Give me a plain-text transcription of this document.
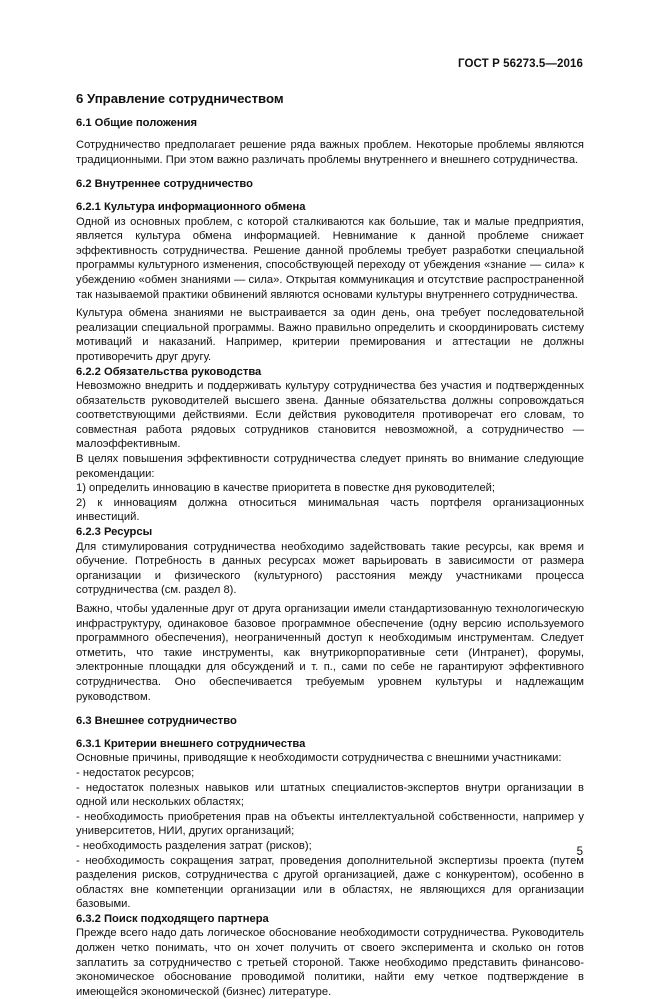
ГОСТ Р 56273.5—2016

6 Управление сотрудничеством

6.1 Общие положения

Сотрудничество предполагает решение ряда важных проблем. Некоторые проблемы являются традиционными. При этом важно различать проблемы внутреннего и внешнего сотрудничества.

6.2 Внутреннее сотрудничество

6.2.1 Культура информационного обмена

Одной из основных проблем, с которой сталкиваются как большие, так и малые предприятия, является культура обмена информацией. Невнимание к данной проблеме снижает эффективность сотрудничества. Решение данной проблемы требует разработки специальной программы культурного изменения, способствующей переходу от убеждения «знание — сила» к убеждению «обмен знаниями — сила». Открытая коммуникация и отсутствие распространенной так называемой практики обвинений являются основами культуры внутреннего сотрудничества.

Культура обмена знаниями не выстраивается за один день, она требует последовательной реализации специальной программы. Важно правильно определить и скоординировать систему мотиваций и наказаний. Например, критерии премирования и аттестации не должны противоречить друг другу.

6.2.2 Обязательства руководства

Невозможно внедрить и поддерживать культуру сотрудничества без участия и подтвержденных обязательств руководителей высшего звена. Данные обязательства должны сопровождаться соответствующими действиями. Если действия руководителя противоречат его словам, то совместная работа рядовых сотрудников становится невозможной, а сотрудничество — малоэффективным.

В целях повышения эффективности сотрудничества следует принять во внимание следующие рекомендации:

1) определить инновацию в качестве приоритета в повестке дня руководителей;

2) к инновациям должна относиться минимальная часть портфеля организационных инвестиций.

6.2.3 Ресурсы

Для стимулирования сотрудничества необходимо задействовать такие ресурсы, как время и обучение. Потребность в данных ресурсах может варьировать в зависимости от размера организации и физического (культурного) расстояния между участниками процесса сотрудничества (см. раздел 8).

Важно, чтобы удаленные друг от друга организации имели стандартизованную технологическую инфраструктуру, одинаковое базовое программное обеспечение (одну версию используемого программного обеспечения), неограниченный доступ к необходимым инструментам. Следует отметить, что такие инструменты, как внутрикорпоративные сети (Интранет), форумы, электронные площадки для обсуждений и т. п., сами по себе не гарантируют эффективного сотрудничества. Оно обеспечивается требуемым уровнем культуры и надлежащим руководством.

6.3 Внешнее сотрудничество

6.3.1 Критерии внешнего сотрудничества

Основные причины, приводящие к необходимости сотрудничества с внешними участниками:

- недостаток ресурсов;

- недостаток полезных навыков или штатных специалистов-экспертов внутри организации в одной или нескольких областях;

- необходимость приобретения прав на объекты интеллектуальной собственности, например у университетов, НИИ, других организаций;

- необходимость разделения затрат (рисков);

- необходимость сокращения затрат, проведения дополнительной экспертизы проекта (путем разделения рисков, сотрудничества с другой организацией, даже с конкурентом), особенно в областях вне компетенции организации или в областях, не являющихся для организации базовыми.

6.3.2 Поиск подходящего партнера

Прежде всего надо дать логическое обоснование необходимости сотрудничества. Руководитель должен четко понимать, что он хочет получить от своего эксперимента и сколько он готов заплатить за сотрудничество с третьей стороной. Также необходимо представить финансово-экономическое обоснование проводимой политики, найти ему четкое подтверждение в имеющейся экономической (бизнес) литературе.

5
